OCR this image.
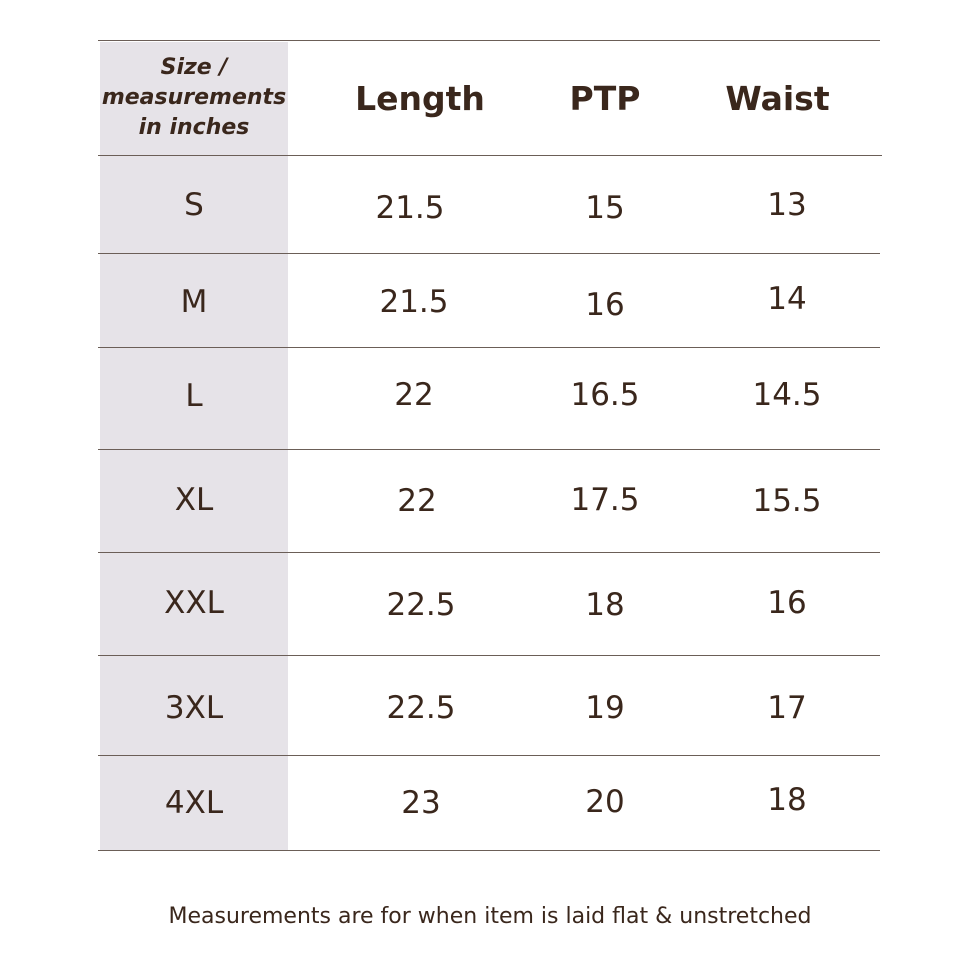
Size /
measurements
in inches
Length	PTP	Waist
S	21.5	15	13
M	21.5	16	14
L	22	16.5	14.5
XL	22	17.5	15.5
XXL	22.5	18	16
3XL	22.5	19	17
4XL	23	20	18
Measurements are for when item is laid flat & unstretched
